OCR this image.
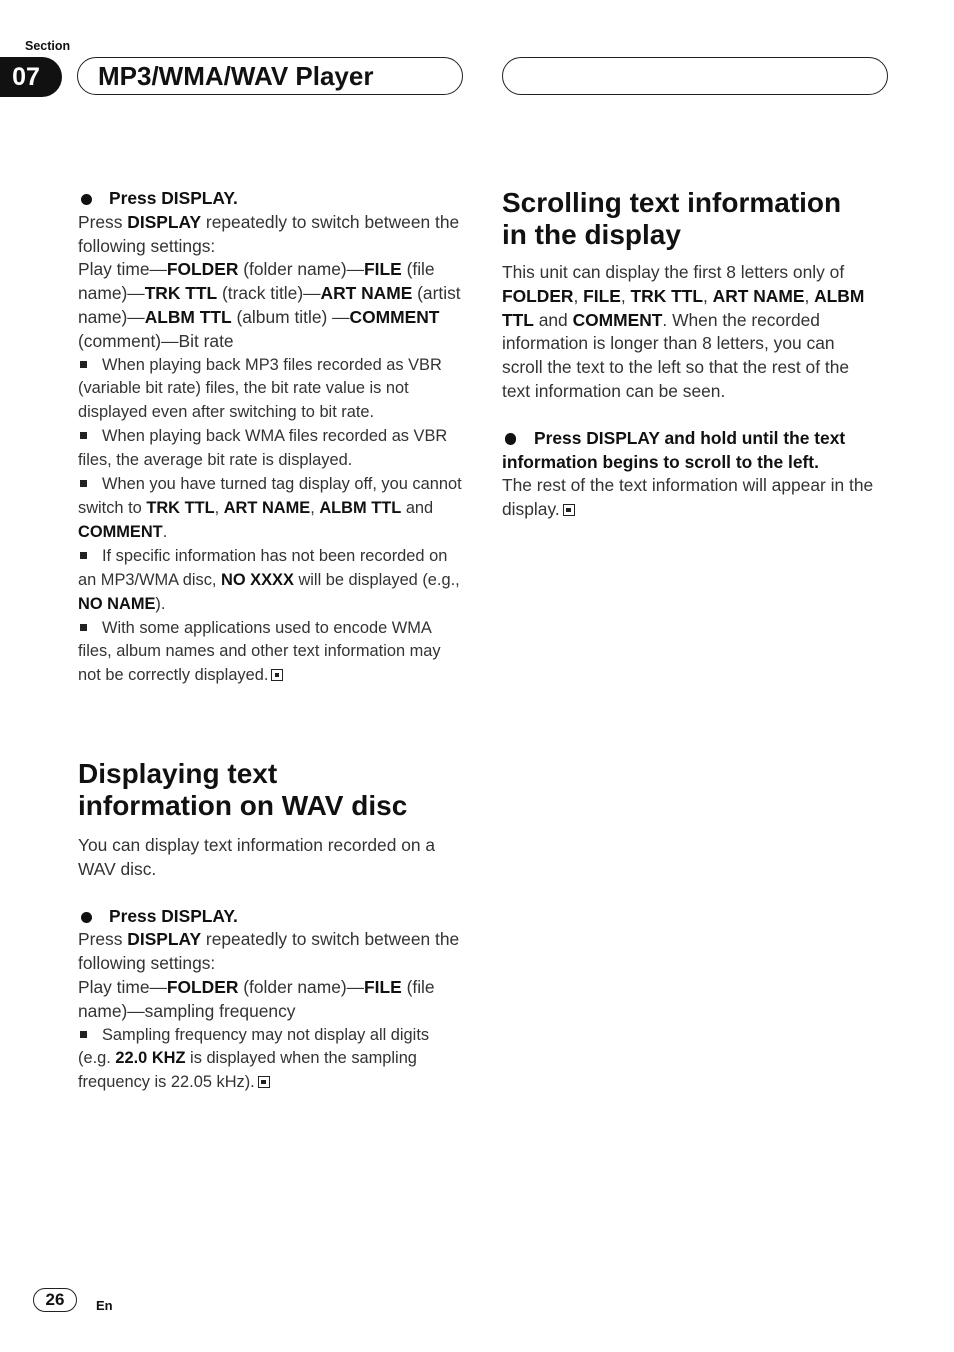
Section
07	MP3/WMA/WAV Player

Press DISPLAY.

Press DISPLAY repeatedly to switch between the following settings:

Play time—FOLDER (folder name)—FILE (file name)—TRK TTL (track title)—ART NAME (artist name)—ALBM TTL (album title) —COMMENT (comment)—Bit rate

When playing back MP3 files recorded as VBR (variable bit rate) files, the bit rate value is not displayed even after switching to bit rate.

When playing back WMA files recorded as VBR files, the average bit rate is displayed.

When you have turned tag display off, you cannot switch to TRK TTL, ART NAME, ALBM TTL and COMMENT.

If specific information has not been recorded on an MP3/WMA disc, NO XXXX will be displayed (e.g., NO NAME).

With some applications used to encode WMA files, album names and other text information may not be correctly displayed.

Displaying text
information on WAV disc

You can display text information recorded on a WAV disc.

Press DISPLAY.

Press DISPLAY repeatedly to switch between the following settings:

Play time—FOLDER (folder name)—FILE (file name)—sampling frequency

Sampling frequency may not display all digits (e.g. 22.0 KHZ is displayed when the sampling frequency is 22.05 kHz).

Scrolling text information
in the display

This unit can display the first 8 letters only of FOLDER, FILE, TRK TTL, ART NAME, ALBM TTL and COMMENT. When the recorded information is longer than 8 letters, you can scroll the text to the left so that the rest of the text information can be seen.

Press DISPLAY and hold until the text information begins to scroll to the left.

The rest of the text information will appear in the display.

26	En
